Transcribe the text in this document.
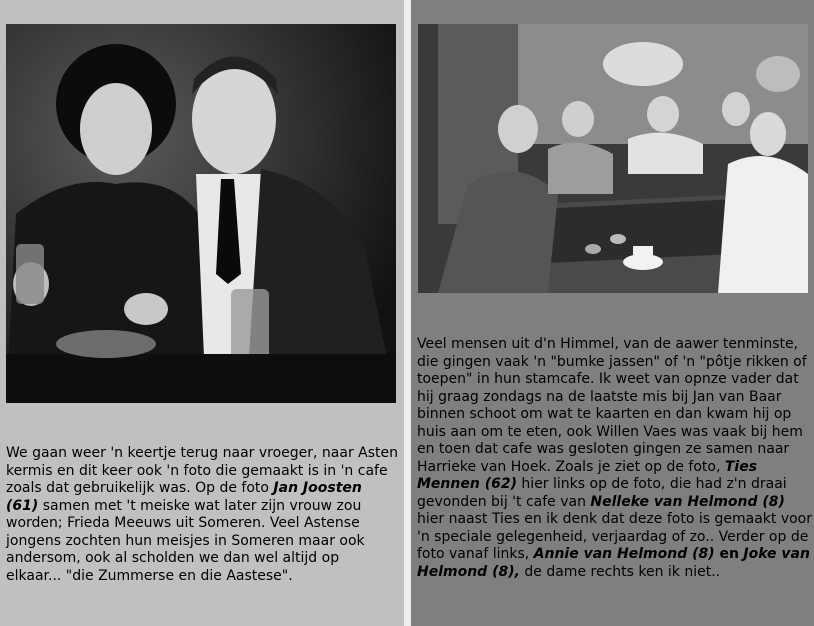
We gaan weer 'n keertje terug naar vroeger, naar Asten kermis en dit keer ook 'n foto die gemaakt is in 'n cafe zoals dat gebruikelijk was. Op de foto Jan Joosten (61) samen met 't meiske wat later zijn vrouw zou worden; Frieda Meeuws uit Someren. Veel Astense jongens zochten hun meisjes in Someren maar ook andersom, ook al scholden we dan wel altijd op elkaar... "die Zummerse en die Aastese".
Veel mensen uit d'n Himmel, van de aawer tenminste, die gingen vaak 'n "bumke jassen" of 'n "pôtje rikken of toepen" in hun stamcafe. Ik weet van opnze vader dat hij graag zondags na de laatste mis bij Jan van Baar binnen schoot om wat te kaarten en dan kwam hij op huis aan om te eten, ook Willen Vaes was vaak bij hem en toen dat cafe was gesloten gingen ze samen naar Harrieke van Hoek. Zoals je ziet op de foto, Ties Mennen (62) hier links op de foto, die had z'n draai gevonden bij 't cafe van Nelleke van Helmond (8) hier naast Ties en ik denk dat deze foto is gemaakt voor 'n speciale gelegenheid, verjaardag of zo.. Verder op de foto vanaf links, Annie van Helmond (8) en Joke van Helmond (8), de dame rechts ken ik niet..
